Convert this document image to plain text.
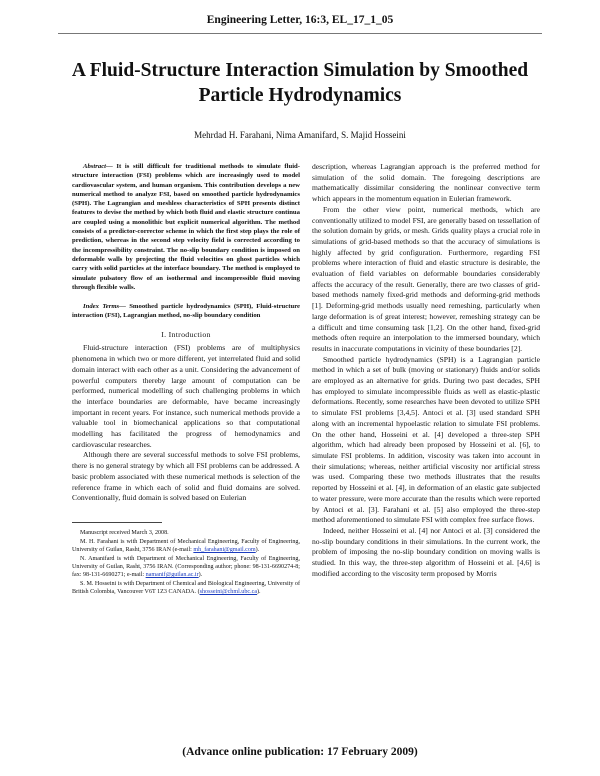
Engineering Letter, 16:3, EL_17_1_05
A Fluid-Structure Interaction Simulation by Smoothed Particle Hydrodynamics
Mehrdad H. Farahani, Nima Amanifard, S. Majid Hosseini

Abstract— It is still difficult for traditional methods to simulate fluid-structure interaction (FSI) problems which are increasingly used to model cardiovascular system, and human organism. This contribution develops a new numerical method to analyze FSI, based on smoothed particle hydrodynamics (SPH). The Lagrangian and meshless characteristics of SPH presents distinct features to devise the method by which both fluid and elastic structure continua are coupled using a monolithic but explicit numerical algorithm. The method consists of a predictor-corrector scheme in which the first step plays the role of prediction, whereas in the second step velocity field is corrected according to the incompressibility constraint. The no-slip boundary condition is imposed on deformable walls by projecting the fluid velocities on ghost particles which carry with solid particles at the interface boundary. The method is employed to simulate pulsatory flow of an isothermal and incompressible fluid moving through flexible walls.

Index Terms— Smoothed particle hydrodynamics (SPH), Fluid-structure interaction (FSI), Lagrangian method, no-slip boundary condition

I. Introduction

Fluid-structure interaction (FSI) problems are of multiphysics phenomena in which two or more different, yet interrelated fluid and solid domain interact with each other as a unit. Considering the advancement of powerful computers thereby large amount of computation can be performed, numerical modelling of such challenging problems in which the interface boundaries are deformable, have became increasingly important in recent years. For instance, such numerical methods provide a valuable tool in biomechanical applications so that computational modelling has facilitated the progress of hemodynamics and cardiovascular researches.

Although there are several successful methods to solve FSI problems, there is no general strategy by which all FSI problems can be addressed. A basic problem associated with these numerical methods is selection of the reference frame in which each of solid and fluid domains are solved. Conventionally, fluid domain is solved based on Eulerian

Manuscript received March 3, 2008.

M. H. Farahani is with Department of Mechanical Engineering, Faculty of Engineering, University of Guilan, Rasht, 3756 IRAN (e-mail: mh_farahani@gmail.com).

N. Amanifard is with Department of Mechanical Engineering, Faculty of Engineering, University of Guilan, Rasht, 3756 IRAN. (Corresponding author; phone: 98-131-6690274-8; fax: 98-131-6690271; e-mail: namanif@guilan.ac.ir).

S. M. Hosseini is with Department of Chemical and Biological Engineering, University of British Colombia, Vancouver V6T 1Z3 CANADA. (shosseini@chml.ubc.ca).

description, whereas Lagrangian approach is the preferred method for simulation of the solid domain. The foregoing descriptions are mathematically dissimilar considering the nonlinear convective term which appears in the momentum equation in Eulerian framework.

From the other view point, numerical methods, which are conventionally utilized to model FSI, are generally based on tessellation of the solution domain by grids, or mesh. Grids quality plays a crucial role in simulations of grid-based methods so that the accuracy of simulations is highly affected by grid configuration. Furthermore, regarding FSI problems where interaction of fluid and elastic structure is desirable, the evaluation of field variables on deformable boundaries considerably affects the accuracy of the result. Generally, there are two classes of grid-based methods namely fixed-grid methods and deforming-grid methods [1]. Deforming-grid methods usually need remeshing, particularly when large deformation is of great interest; however, remeshing strategy can be a difficult and time consuming task [1,2]. On the other hand, fixed-grid methods often require an interpolation to the immersed boundary, which results in inaccurate computations in vicinity of these boundaries [2].

Smoothed particle hydrodynamics (SPH) is a Lagrangian particle method in which a set of bulk (moving or stationary) fluids and/or solids are employed as an alternative for grids. During two past decades, SPH has employed to simulate incompressible fluids as well as elastic-plastic deformations. Recently, some researches have been devoted to utilize SPH to simulate FSI problems [3,4,5]. Antoci et al. [3] used standard SPH along with an incremental hypoelastic relation to simulate FSI problems. On the other hand, Hosseini et al. [4] developed a three-step SPH algorithm, which had already been proposed by Hosseini et al. [6], to simulate FSI problems. In addition, viscosity was taken into account in their simulations; whereas, neither artificial viscosity nor artificial stress was used. Comparing these two methods illustrates that the results reported by Hosseini et al. [4], in deformation of an elastic gate subjected to water pressure, were more accurate than the results which were reported by Antoci et al. [3]. Farahani et al. [5] also employed the three-step method aforementioned to simulate FSI with complex free surface flows.

Indeed, neither Hosseini et al. [4] nor Antoci et al. [3] considered the no-slip boundary conditions in their simulations. In the current work, the problem of imposing the no-slip boundary condition on moving walls is studied. In this way, the three-step algorithm of Hosseini et al. [4,6] is modified according to the viscosity term proposed by Morris

(Advance online publication: 17 February 2009)
